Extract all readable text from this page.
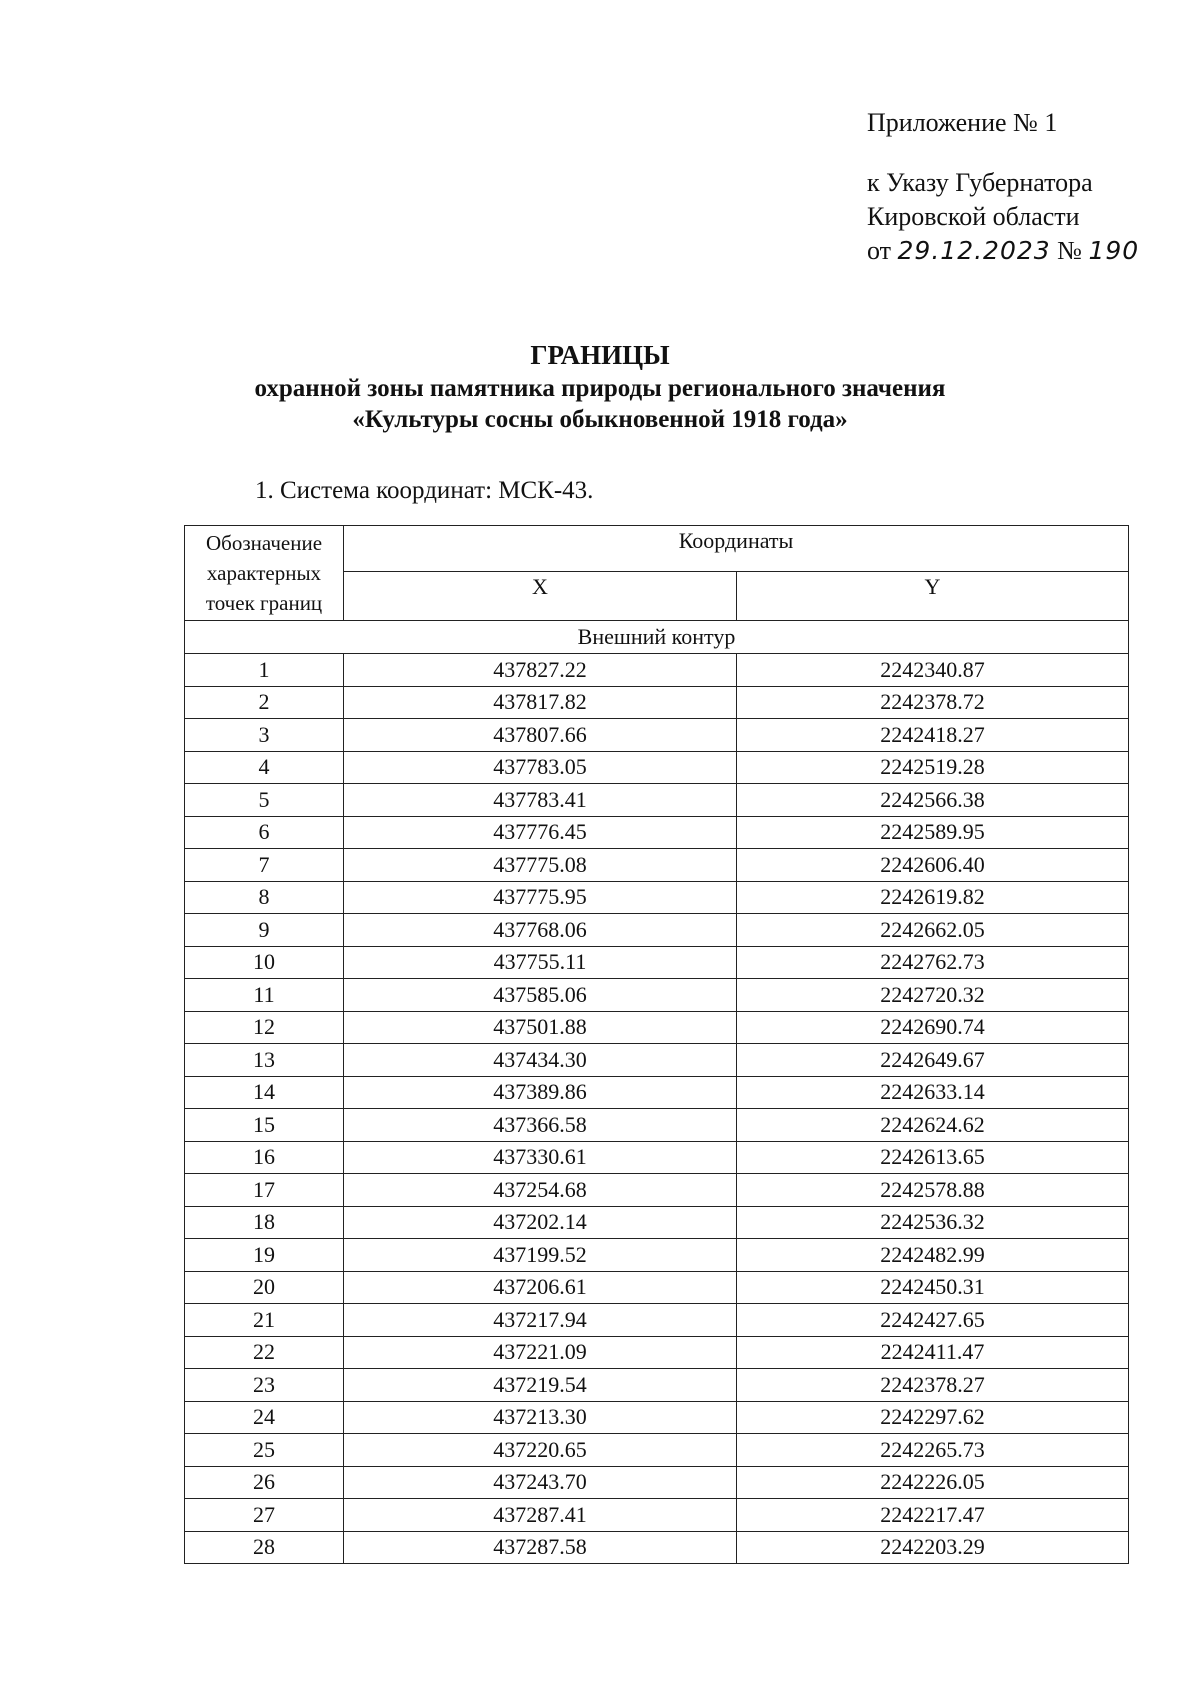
Приложение № 1
к Указу Губернатора
Кировской области
от 29.12.2023 № 190
ГРАНИЦЫ
охранной зоны памятника природы регионального значения
«Культуры сосны обыкновенной 1918 года»
1. Система координат: МСК-43.
Обозначение характерных точек границ	Координаты	
	X	Y
Внешний контур		
1	437827.22	2242340.87
2	437817.82	2242378.72
3	437807.66	2242418.27
4	437783.05	2242519.28
5	437783.41	2242566.38
6	437776.45	2242589.95
7	437775.08	2242606.40
8	437775.95	2242619.82
9	437768.06	2242662.05
10	437755.11	2242762.73
11	437585.06	2242720.32
12	437501.88	2242690.74
13	437434.30	2242649.67
14	437389.86	2242633.14
15	437366.58	2242624.62
16	437330.61	2242613.65
17	437254.68	2242578.88
18	437202.14	2242536.32
19	437199.52	2242482.99
20	437206.61	2242450.31
21	437217.94	2242427.65
22	437221.09	2242411.47
23	437219.54	2242378.27
24	437213.30	2242297.62
25	437220.65	2242265.73
26	437243.70	2242226.05
27	437287.41	2242217.47
28	437287.58	2242203.29
